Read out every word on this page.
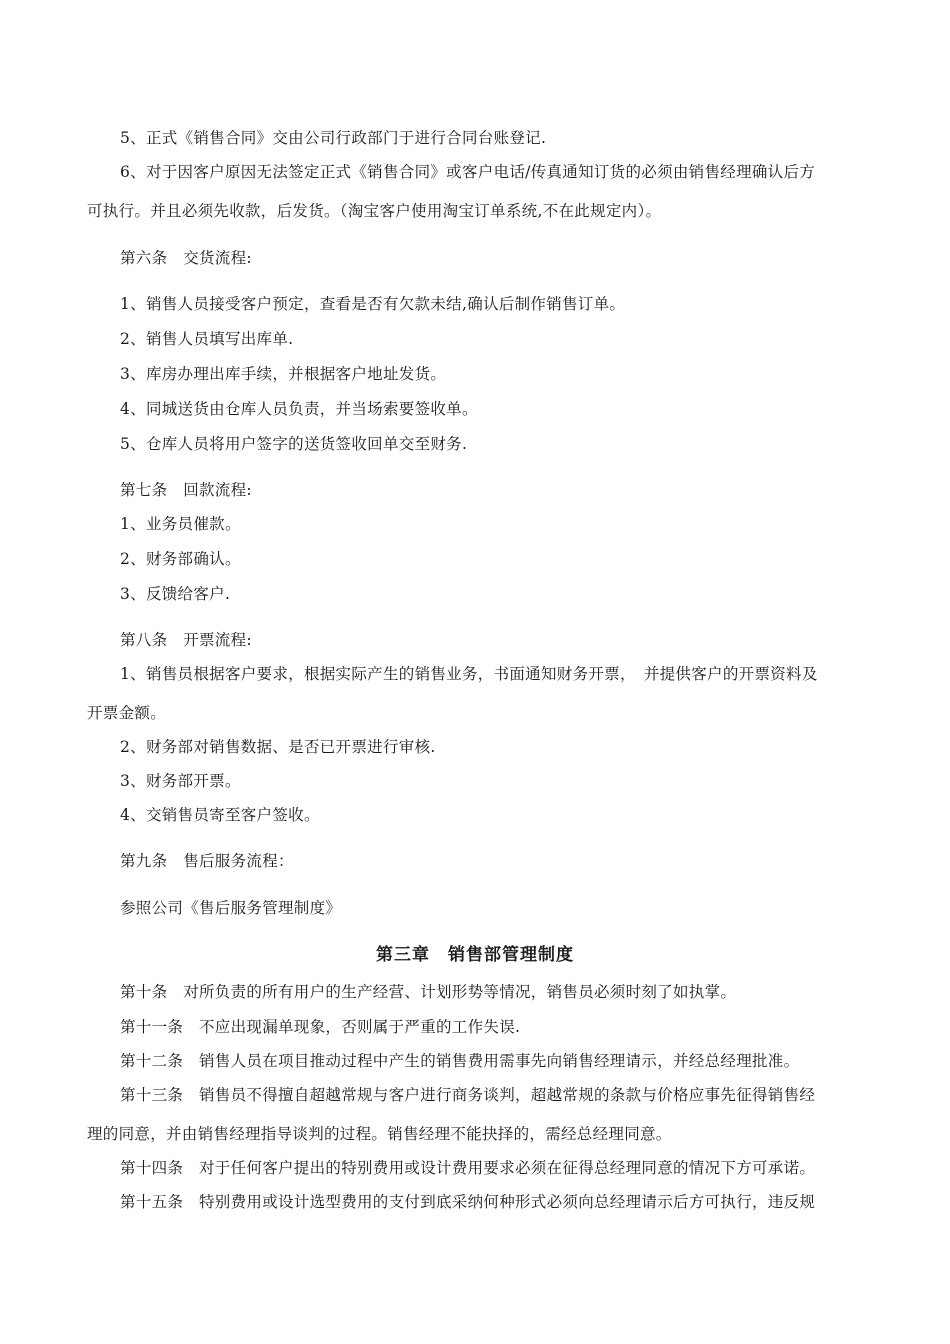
5、正式《销售合同》交由公司行政部门于进行合同台账登记.
6、对于因客户原因无法签定正式《销售合同》或客户电话/传真通知订货的必须由销售经理确认后方
可执行。并且必须先收款，后发货。（淘宝客户使用淘宝订单系统,不在此规定内）。
第六条　交货流程:
1、销售人员接受客户预定，查看是否有欠款未结,确认后制作销售订单。
2、销售人员填写出库单.
3、库房办理出库手续，并根据客户地址发货。
4、同城送货由仓库人员负责，并当场索要签收单。
5、仓库人员将用户签字的送货签收回单交至财务.
第七条　回款流程:
1、业务员催款。
2、财务部确认。
3、反馈给客户.
第八条　开票流程:
1、销售员根据客户要求，根据实际产生的销售业务，书面通知财务开票，　并提供客户的开票资料及
开票金额。
2、财务部对销售数据、是否已开票进行审核.
3、财务部开票。
4、交销售员寄至客户签收。
第九条　售后服务流程：
参照公司《售后服务管理制度》
第三章　销售部管理制度
第十条　对所负责的所有用户的生产经营、计划形势等情况，销售员必须时刻了如执掌。
第十一条　不应出现漏单现象，否则属于严重的工作失误.
第十二条　销售人员在项目推动过程中产生的销售费用需事先向销售经理请示，并经总经理批准。
第十三条　销售员不得擅自超越常规与客户进行商务谈判，超越常规的条款与价格应事先征得销售经
理的同意，并由销售经理指导谈判的过程。销售经理不能抉择的，需经总经理同意。
第十四条　对于任何客户提出的特别费用或设计费用要求必须在征得总经理同意的情况下方可承诺。
第十五条　特别费用或设计选型费用的支付到底采纳何种形式必须向总经理请示后方可执行，违反规
